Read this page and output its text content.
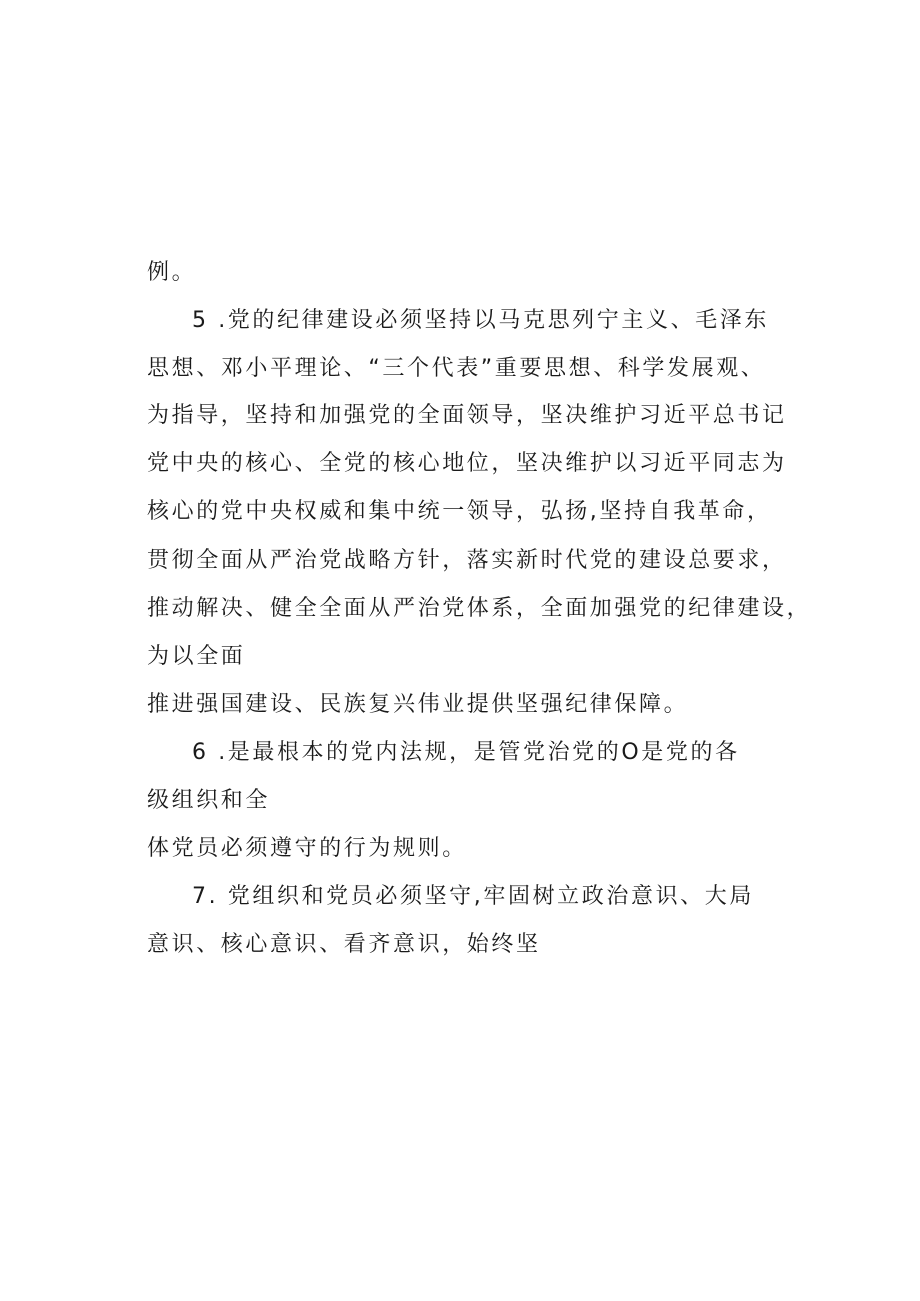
例。
5 .党的纪律建设必须坚持以马克思列宁主义、毛泽东
思想、邓小平理论、“三个代表”重要思想、科学发展观、
为指导，坚持和加强党的全面领导，坚决维护习近平总书记
党中央的核心、全党的核心地位，坚决维护以习近平同志为
核心的党中央权威和集中统一领导，弘扬,坚持自我革命，
贯彻全面从严治党战略方针，落实新时代党的建设总要求，
推动解决、健全全面从严治党体系，全面加强党的纪律建设，
为以全面
推进强国建设、民族复兴伟业提供坚强纪律保障。
6 .是最根本的党内法规，是管党治党的O是党的各
级组织和全
体党员必须遵守的行为规则。
7. 党组织和党员必须坚守,牢固树立政治意识、大局
意识、核心意识、看齐意识，始终坚
